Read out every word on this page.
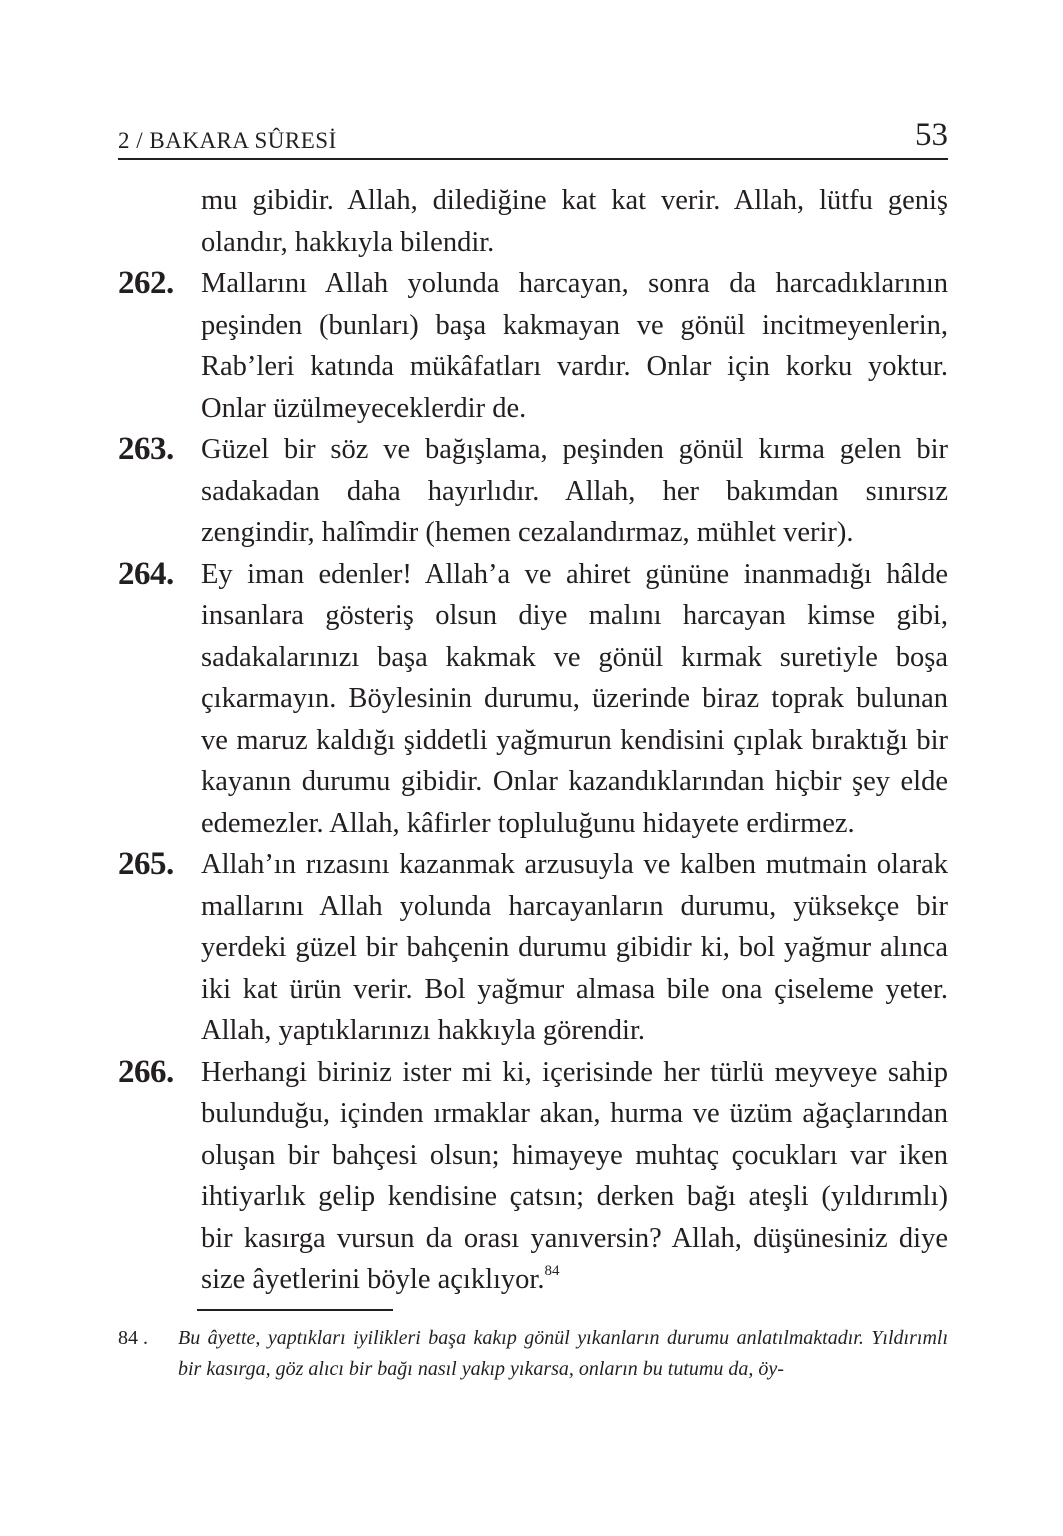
2 / BAKARA SÛRESİ	53
mu gibidir. Allah, dilediğine kat kat verir. Allah, lütfu geniş olandır, hakkıyla bilendir.
262. Mallarını Allah yolunda harcayan, sonra da harcadıklarının peşinden (bunları) başa kakmayan ve gönül incitmeyenlerin, Rab’leri katında mükâfatları vardır. Onlar için korku yoktur. Onlar üzülmeyeceklerdir de.
263. Güzel bir söz ve bağışlama, peşinden gönül kırma gelen bir sadakadan daha hayırlıdır. Allah, her bakımdan sınırsız zengindir, halîmdir (hemen cezalandırmaz, mühlet verir).
264. Ey iman edenler! Allah’a ve ahiret gününe inanmadığı hâlde insanlara gösteriş olsun diye malını harcayan kimse gibi, sadakalarınızı başa kakmak ve gönül kırmak suretiyle boşa çıkarmayın. Böylesinin durumu, üzerinde biraz toprak bulunan ve maruz kaldığı şiddetli yağmurun kendisini çıplak bıraktığı bir kayanın durumu gibidir. Onlar kazandıklarından hiçbir şey elde edemezler. Allah, kâfirler topluluğunu hidayete erdirmez.
265. Allah’ın rızasını kazanmak arzusuyla ve kalben mutmain olarak mallarını Allah yolunda harcayanların durumu, yüksekçe bir yerdeki güzel bir bahçenin durumu gibidir ki, bol yağmur alınca iki kat ürün verir. Bol yağmur almasa bile ona çiseleme yeter. Allah, yaptıklarınızı hakkıyla görendir.
266. Herhangi biriniz ister mi ki, içerisinde her türlü meyveye sahip bulunduğu, içinden ırmaklar akan, hurma ve üzüm ağaçlarından oluşan bir bahçesi olsun; himayeye muhtaç çocukları var iken ihtiyarlık gelip kendisine çatsın; derken bağı ateşli (yıldırımlı) bir kasırga vursun da orası yanıversin? Allah, düşünesiniz diye size âyetlerini böyle açıklıyor.$^{84}$
84 . Bu âyette, yaptıkları iyilikleri başa kakıp gönül yıkanların durumu anlatılmaktadır. Yıldırımlı bir kasırga, göz alıcı bir bağı nasıl yakıp yıkarsa, onların bu tutumu da, öy-
